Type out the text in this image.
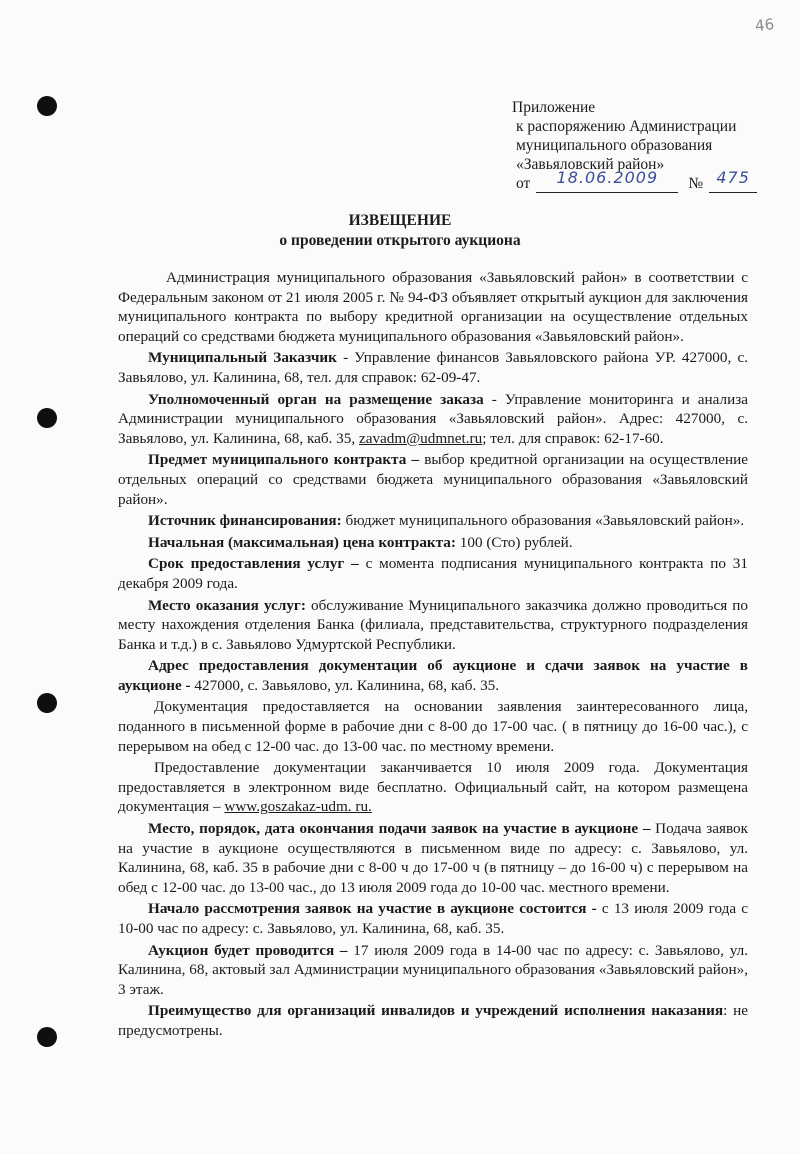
46
Приложение
к распоряжению Администрации
муниципального образования
«Завьяловский район»
от	18.06.2009	№ 475
ИЗВЕЩЕНИЕ
о проведении открытого аукциона

Администрация муниципального образования «Завьяловский район» в соответствии с Федеральным законом от 21 июля 2005 г. № 94-ФЗ объявляет открытый аукцион для заключения муниципального контракта по выбору кредитной организации на осуществление отдельных операций со средствами бюджета муниципального образования «Завьяловский район».

Муниципальный Заказчик - Управление финансов Завьяловского района УР. 427000, с. Завьялово, ул. Калинина, 68, тел. для справок: 62-09-47.

Уполномоченный орган на размещение заказа - Управление мониторинга и анализа Администрации муниципального образования «Завьяловский район». Адрес: 427000, с. Завьялово, ул. Калинина, 68, каб. 35, zavadm@udmnet.ru; тел. для справок: 62-17-60.

Предмет муниципального контракта – выбор кредитной организации на осуществление отдельных операций со средствами бюджета муниципального образования «Завьяловский район».

Источник финансирования: бюджет муниципального образования «Завьяловский район».

Начальная (максимальная) цена контракта: 100 (Сто) рублей.

Срок предоставления услуг – с момента подписания муниципального контракта по 31 декабря 2009 года.

Место оказания услуг: обслуживание Муниципального заказчика должно проводиться по месту нахождения отделения Банка (филиала, представительства, структурного подразделения Банка и т.д.) в с. Завьялово Удмуртской Республики.

Адрес предоставления документации об аукционе и сдачи заявок на участие в аукционе - 427000, с. Завьялово, ул. Калинина, 68, каб. 35.

Документация предоставляется на основании заявления заинтересованного лица, поданного в письменной форме в рабочие дни с 8-00 до 17-00 час. ( в пятницу до 16-00 час.), с перерывом на обед с 12-00 час. до 13-00 час. по местному времени.

Предоставление документации заканчивается 10 июля 2009 года. Документация предоставляется в электронном виде бесплатно. Официальный сайт, на котором размещена документация – www.goszakaz-udm. ru.

Место, порядок, дата окончания подачи заявок на участие в аукционе – Подача заявок на участие в аукционе осуществляются в письменном виде по адресу: с. Завьялово, ул. Калинина, 68, каб. 35 в рабочие дни с 8-00 ч до 17-00 ч (в пятницу – до 16-00 ч) с перерывом на обед с 12-00 час. до 13-00 час., до 13 июля 2009 года до 10-00 час. местного времени.

Начало рассмотрения заявок на участие в аукционе состоится - с 13 июля 2009 года с 10-00 час по адресу: с. Завьялово, ул. Калинина, 68, каб. 35.

Аукцион будет проводится – 17 июля 2009 года в 14-00 час по адресу: с. Завьялово, ул. Калинина, 68, актовый зал Администрации муниципального образования «Завьяловский район», 3 этаж.

Преимущество для организаций инвалидов и учреждений исполнения наказания: не предусмотрены.
